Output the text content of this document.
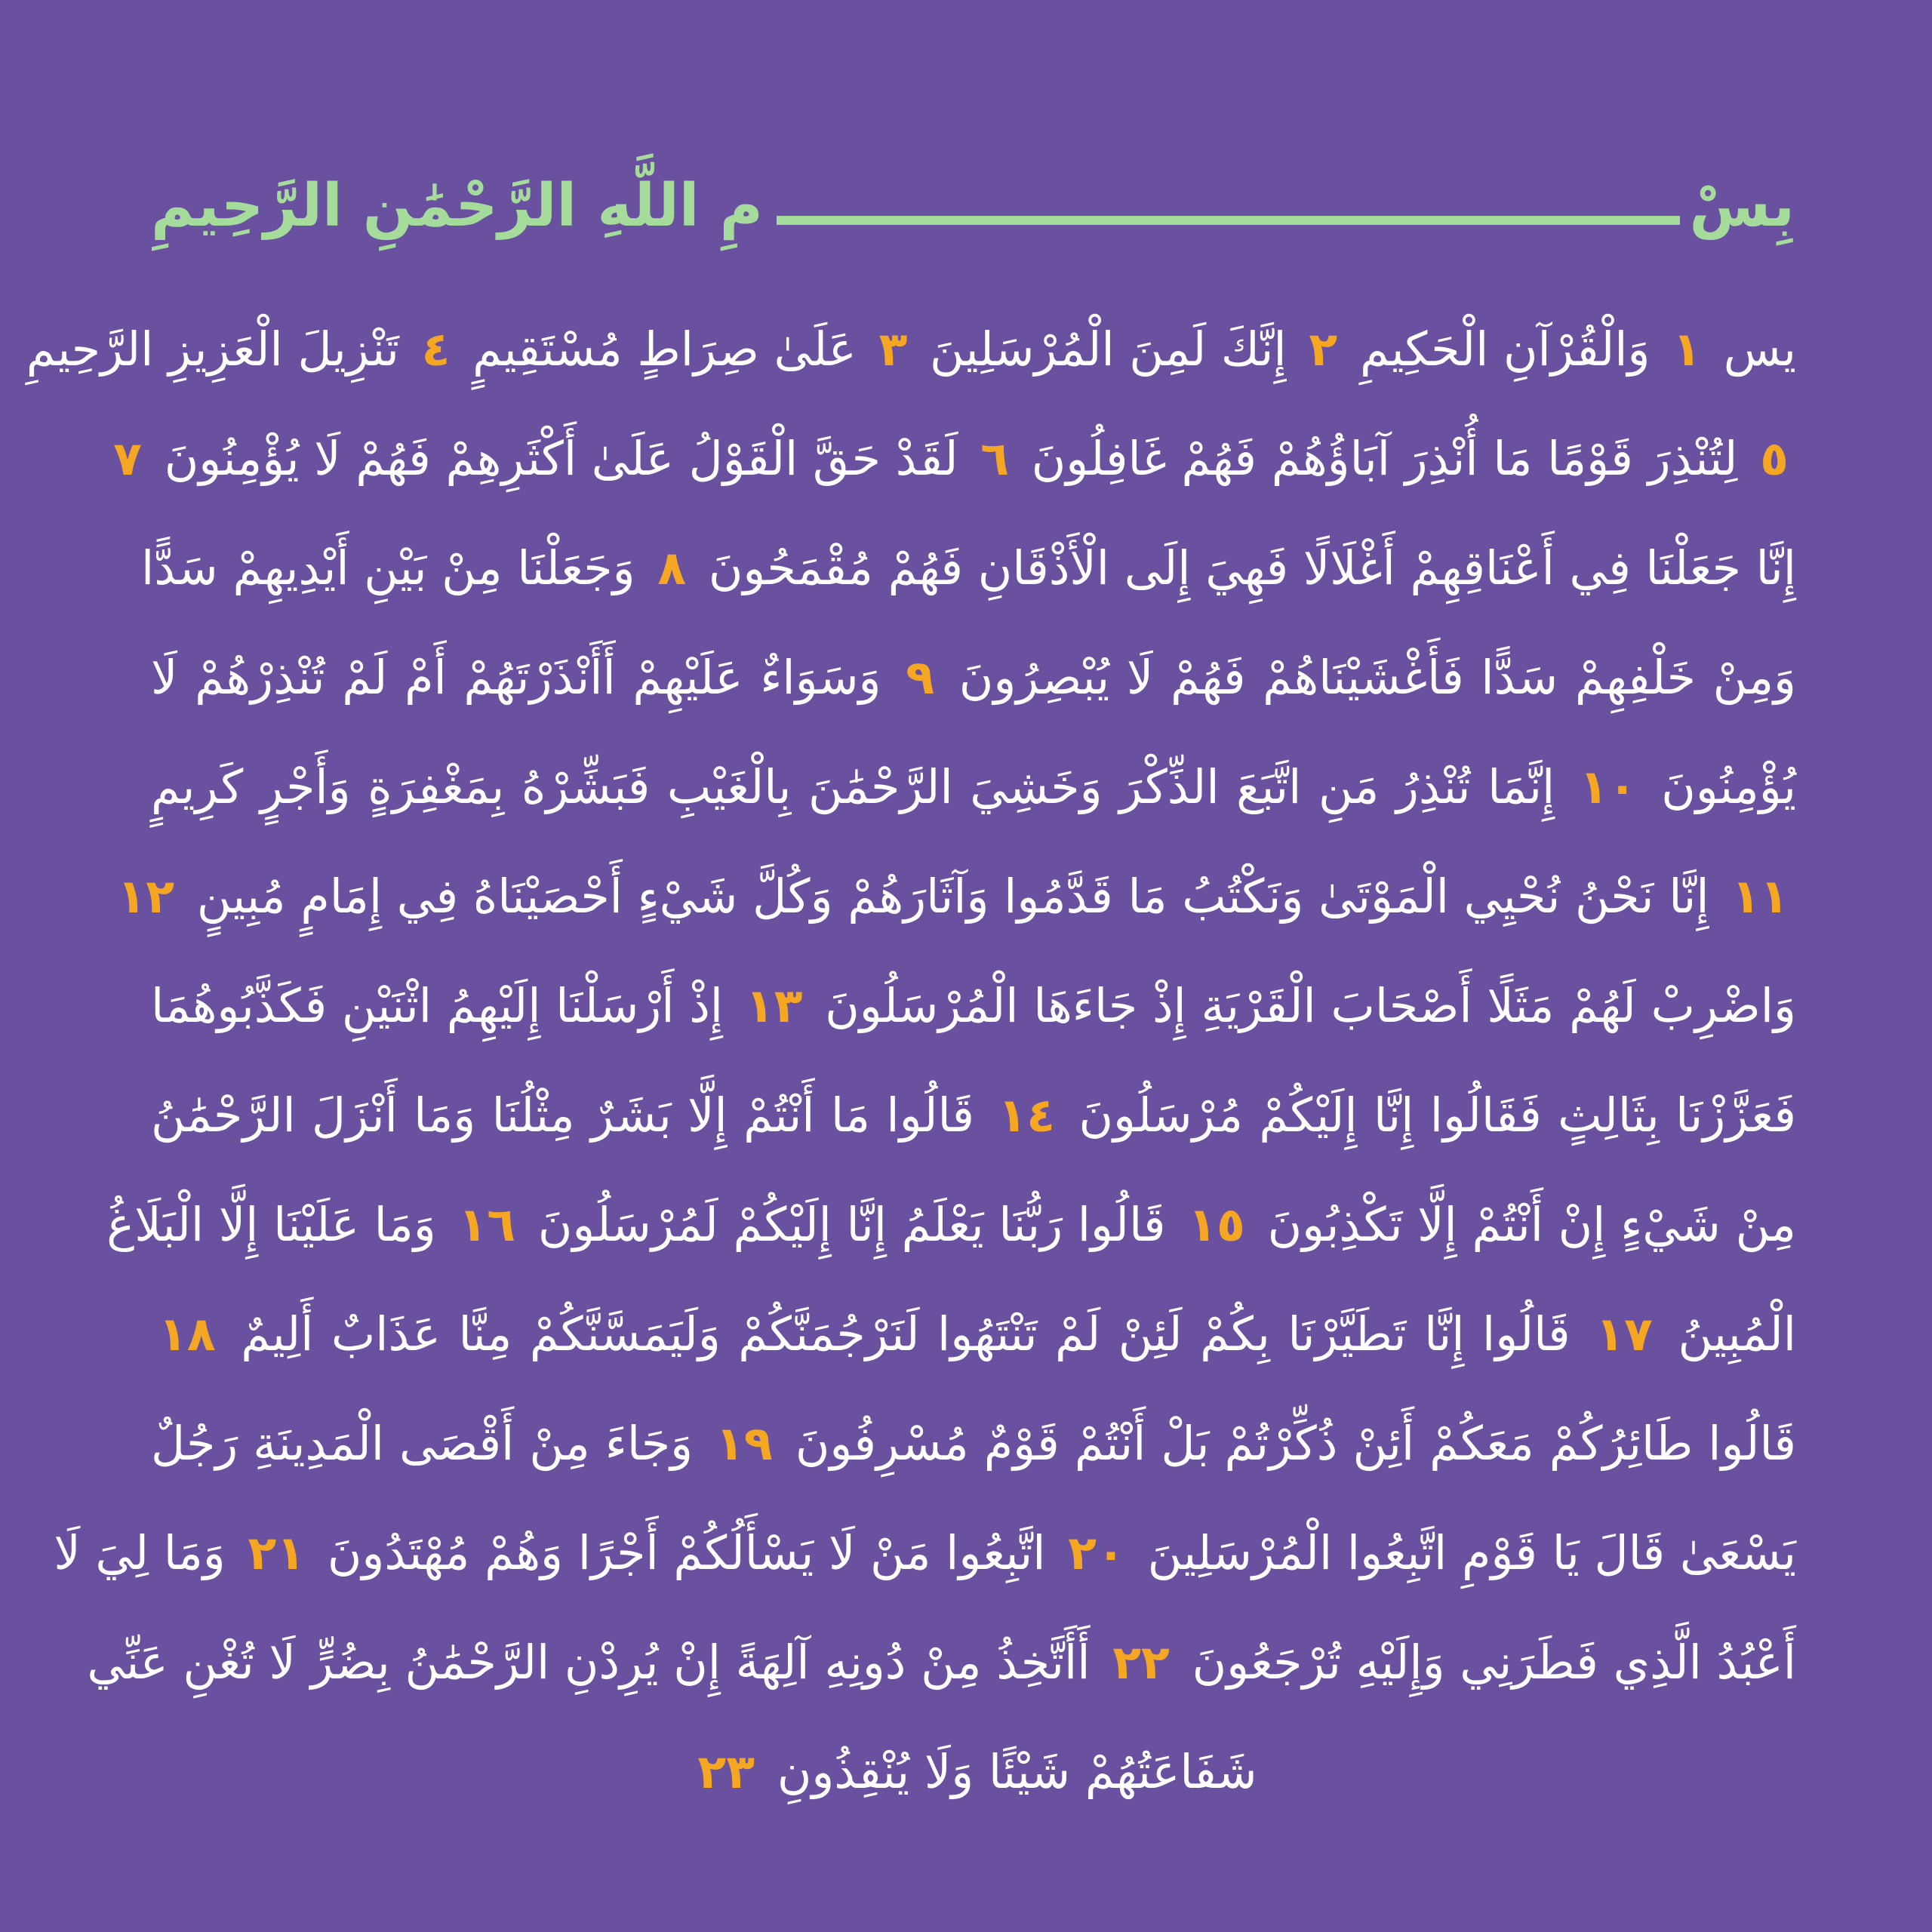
بِسْ
مِ اللَّهِ الرَّحْمَٰنِ الرَّحِيمِ
يس ١ وَالْقُرْآنِ الْحَكِيمِ ٢ إِنَّكَ لَمِنَ الْمُرْسَلِينَ ٣ عَلَىٰ صِرَاطٍ مُسْتَقِيمٍ ٤ تَنْزِيلَ الْعَزِيزِ الرَّحِيمِ
٥ لِتُنْذِرَ قَوْمًا مَا أُنْذِرَ آبَاؤُهُمْ فَهُمْ غَافِلُونَ ٦ لَقَدْ حَقَّ الْقَوْلُ عَلَىٰ أَكْثَرِهِمْ فَهُمْ لَا يُؤْمِنُونَ ٧
إِنَّا جَعَلْنَا فِي أَعْنَاقِهِمْ أَغْلَالًا فَهِيَ إِلَى الْأَذْقَانِ فَهُمْ مُقْمَحُونَ ٨ وَجَعَلْنَا مِنْ بَيْنِ أَيْدِيهِمْ سَدًّا
وَمِنْ خَلْفِهِمْ سَدًّا فَأَغْشَيْنَاهُمْ فَهُمْ لَا يُبْصِرُونَ ٩ وَسَوَاءٌ عَلَيْهِمْ أَأَنْذَرْتَهُمْ أَمْ لَمْ تُنْذِرْهُمْ لَا
يُؤْمِنُونَ ١٠ إِنَّمَا تُنْذِرُ مَنِ اتَّبَعَ الذِّكْرَ وَخَشِيَ الرَّحْمَٰنَ بِالْغَيْبِ فَبَشِّرْهُ بِمَغْفِرَةٍ وَأَجْرٍ كَرِيمٍ
١١ إِنَّا نَحْنُ نُحْيِي الْمَوْتَىٰ وَنَكْتُبُ مَا قَدَّمُوا وَآثَارَهُمْ وَكُلَّ شَيْءٍ أَحْصَيْنَاهُ فِي إِمَامٍ مُبِينٍ ١٢
وَاضْرِبْ لَهُمْ مَثَلًا أَصْحَابَ الْقَرْيَةِ إِذْ جَاءَهَا الْمُرْسَلُونَ ١٣ إِذْ أَرْسَلْنَا إِلَيْهِمُ اثْنَيْنِ فَكَذَّبُوهُمَا
فَعَزَّزْنَا بِثَالِثٍ فَقَالُوا إِنَّا إِلَيْكُمْ مُرْسَلُونَ ١٤ قَالُوا مَا أَنْتُمْ إِلَّا بَشَرٌ مِثْلُنَا وَمَا أَنْزَلَ الرَّحْمَٰنُ
مِنْ شَيْءٍ إِنْ أَنْتُمْ إِلَّا تَكْذِبُونَ ١٥ قَالُوا رَبُّنَا يَعْلَمُ إِنَّا إِلَيْكُمْ لَمُرْسَلُونَ ١٦ وَمَا عَلَيْنَا إِلَّا الْبَلَاغُ
الْمُبِينُ ١٧ قَالُوا إِنَّا تَطَيَّرْنَا بِكُمْ لَئِنْ لَمْ تَنْتَهُوا لَنَرْجُمَنَّكُمْ وَلَيَمَسَّنَّكُمْ مِنَّا عَذَابٌ أَلِيمٌ ١٨
قَالُوا طَائِرُكُمْ مَعَكُمْ أَئِنْ ذُكِّرْتُمْ بَلْ أَنْتُمْ قَوْمٌ مُسْرِفُونَ ١٩ وَجَاءَ مِنْ أَقْصَى الْمَدِينَةِ رَجُلٌ
يَسْعَىٰ قَالَ يَا قَوْمِ اتَّبِعُوا الْمُرْسَلِينَ ٢٠ اتَّبِعُوا مَنْ لَا يَسْأَلُكُمْ أَجْرًا وَهُمْ مُهْتَدُونَ ٢١ وَمَا لِيَ لَا
أَعْبُدُ الَّذِي فَطَرَنِي وَإِلَيْهِ تُرْجَعُونَ ٢٢ أَأَتَّخِذُ مِنْ دُونِهِ آلِهَةً إِنْ يُرِدْنِ الرَّحْمَٰنُ بِضُرٍّ لَا تُغْنِ عَنِّي
شَفَاعَتُهُمْ شَيْئًا وَلَا يُنْقِذُونِ ٢٣
